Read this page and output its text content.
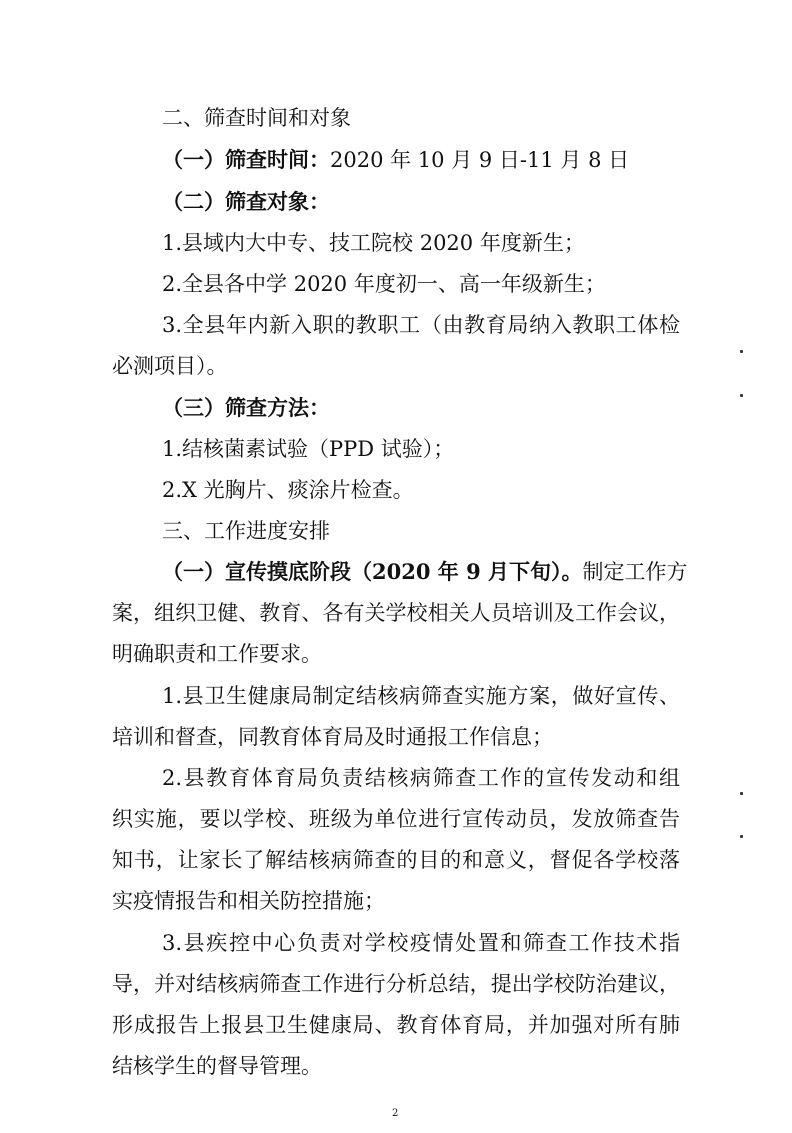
二、筛查时间和对象
（一）筛查时间：2020 年 10 月 9 日-11 月 8 日
（二）筛查对象：
1.县域内大中专、技工院校 2020 年度新生；
2.全县各中学 2020 年度初一、高一年级新生；
3.全县年内新入职的教职工（由教育局纳入教职工体检
必测项目）。
（三）筛查方法：
1.结核菌素试验（PPD 试验）；
2.X 光胸片、痰涂片检查。
三、工作进度安排
（一）宣传摸底阶段（2020 年 9 月下旬）。制定工作方
案，组织卫健、教育、各有关学校相关人员培训及工作会议，
明确职责和工作要求。
1.县卫生健康局制定结核病筛查实施方案，做好宣传、
培训和督查，同教育体育局及时通报工作信息；
2.县教育体育局负责结核病筛查工作的宣传发动和组
织实施，要以学校、班级为单位进行宣传动员，发放筛查告
知书，让家长了解结核病筛查的目的和意义，督促各学校落
实疫情报告和相关防控措施；
3.县疾控中心负责对学校疫情处置和筛查工作技术指
导，并对结核病筛查工作进行分析总结，提出学校防治建议，
形成报告上报县卫生健康局、教育体育局，并加强对所有肺
结核学生的督导管理。
2
